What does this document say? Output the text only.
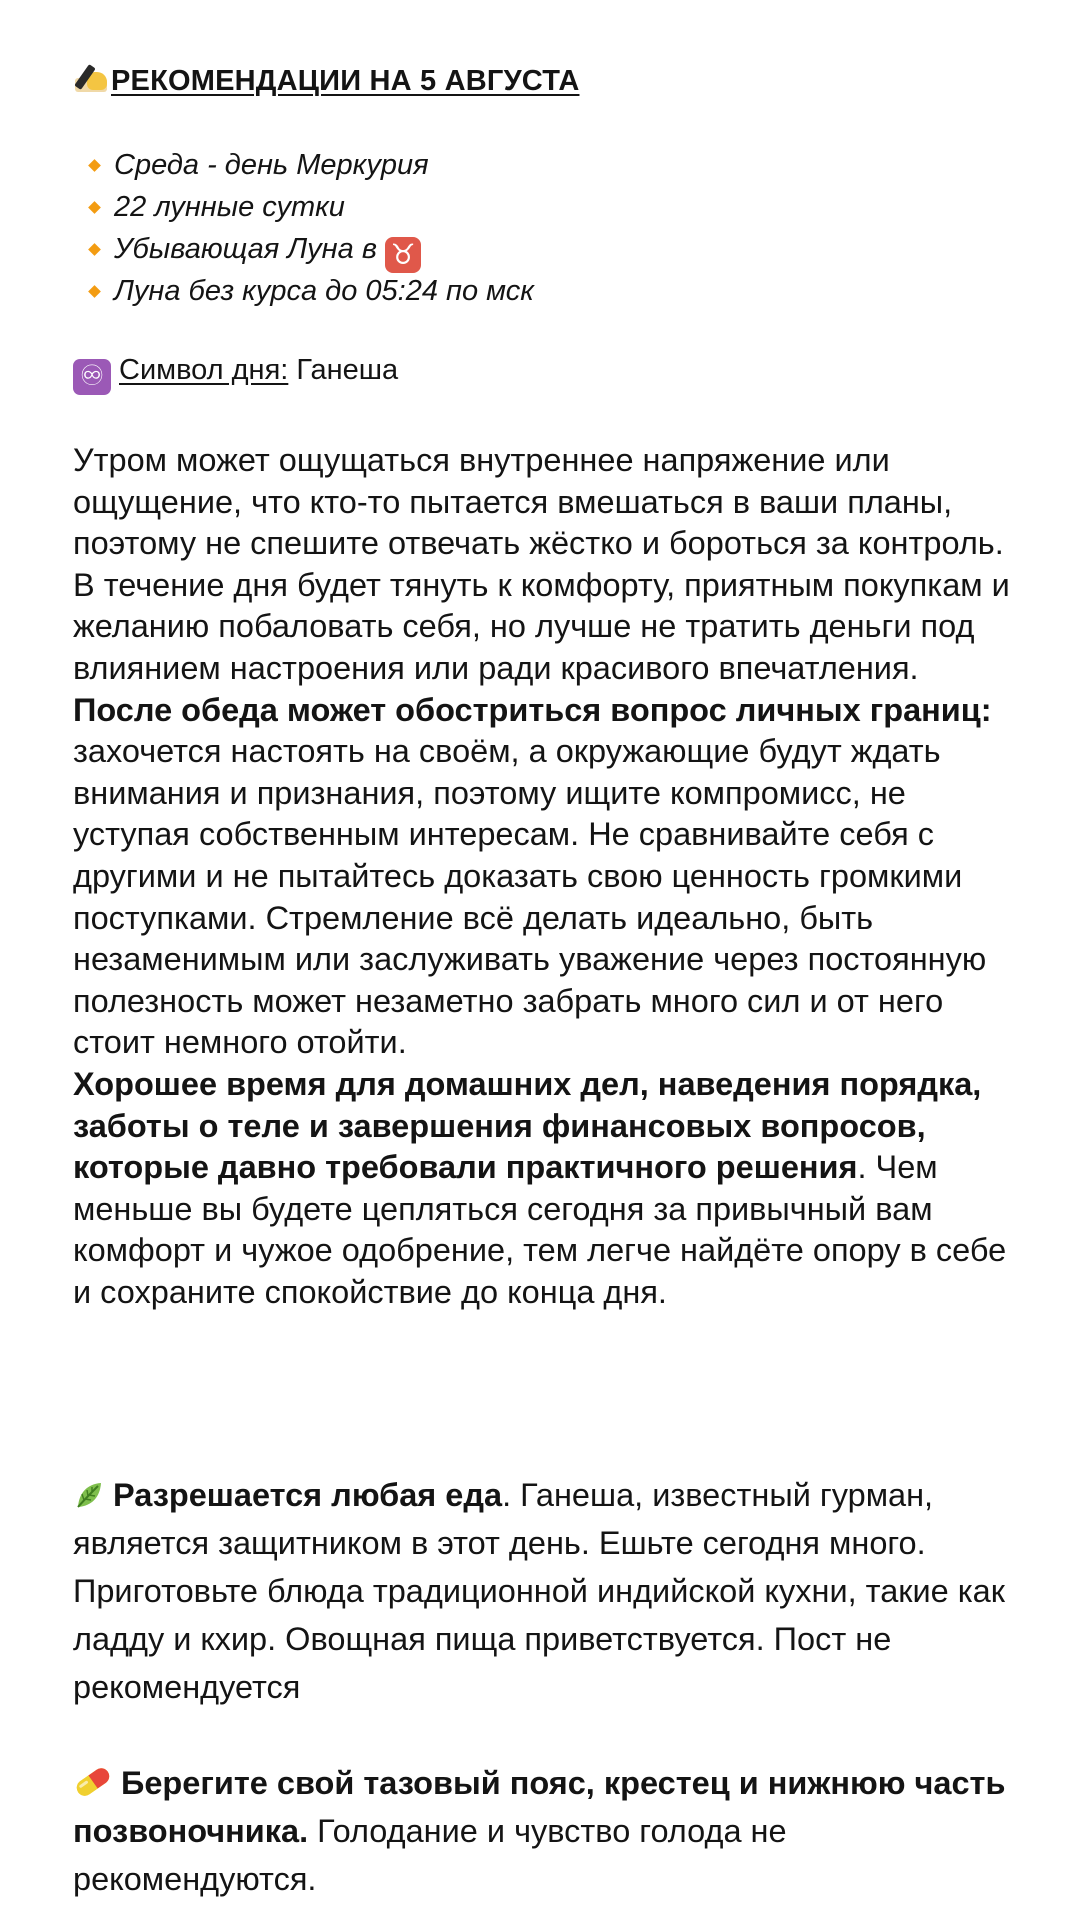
РЕКОМЕНДАЦИИ НА 5 АВГУСТА
Среда - день Меркурия
22 лунные сутки
Убывающая Луна в ♉
Луна без курса до 05:24 по мск
♾ Символ дня: Ганеша

Утром может ощущаться внутреннее напряжение или ощущение, что кто-то пытается вмешаться в ваши планы, поэтому не спешите отвечать жёстко и бороться за контроль. В течение дня будет тянуть к комфорту, приятным покупкам и желанию побаловать себя, но лучше не тратить деньги под влиянием настроения или ради красивого впечатления.

После обеда может обостриться вопрос личных границ: захочется настоять на своём, а окружающие будут ждать внимания и признания, поэтому ищите компромисс, не уступая собственным интересам. Не сравнивайте себя с другими и не пытайтесь доказать свою ценность громкими поступками. Стремление всё делать идеально, быть незаменимым или заслуживать уважение через постоянную полезность может незаметно забрать много сил и от него стоит немного отойти.

Хорошее время для домашних дел, наведения порядка, заботы о теле и завершения финансовых вопросов, которые давно требовали практичного решения. Чем меньше вы будете цепляться сегодня за привычный вам комфорт и чужое одобрение, тем легче найдёте опору в себе и сохраните спокойствие до конца дня.

Разрешается любая еда. Ганеша, известный гурман, является защитником в этот день. Ешьте сегодня много. Приготовьте блюда традиционной индийской кухни, такие как ладду и кхир. Овощная пища приветствуется. Пост не рекомендуется

Берегите свой тазовый пояс, крестец и нижнюю часть позвоночника. Голодание и чувство голода не рекомендуются.
